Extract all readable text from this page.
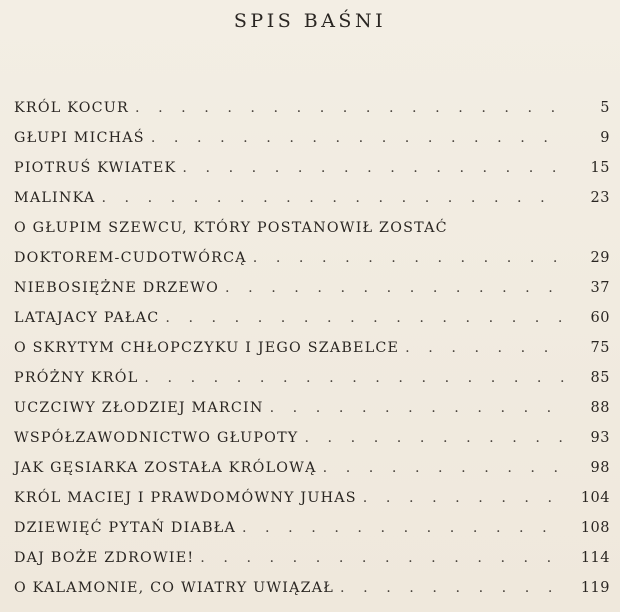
SPIS BAŚNI
KRÓL KOCUR . . .	5
GŁUPI MICHAŚ . . .	9
PIOTRUŚ KWIATEK . . .	15
MALINKA . . .	23
O GŁUPIM SZEWCU, KTÓRY POSTANOWIŁ ZOSTAĆ
DOKTOREM-CUDOTWÓRCĄ . . .	29
NIEBOSIĘŻNE DRZEWO . . .	37
LATAJACY PAŁAC . . .	60
O SKRYTYM CHŁOPCZYKU I JEGO SZABELCE . . .	75
PRÓŻNY KRÓL . . .	85
UCZCIWY ZŁODZIEJ MARCIN . . .	88
WSPÓŁZAWODNICTWO GŁUPOTY . . .	93
JAK GĘSIARKA ZOSTAŁA KRÓLOWĄ . . .	98
KRÓL MACIEJ I PRAWDOMÓWNY JUHAS . . .	104
DZIEWIĘĆ PYTAŃ DIABŁA . . .	108
DAJ BOŻE ZDROWIE! . . .	114
O KALAMONIE, CO WIATRY UWIĄZAŁ . . .	119
